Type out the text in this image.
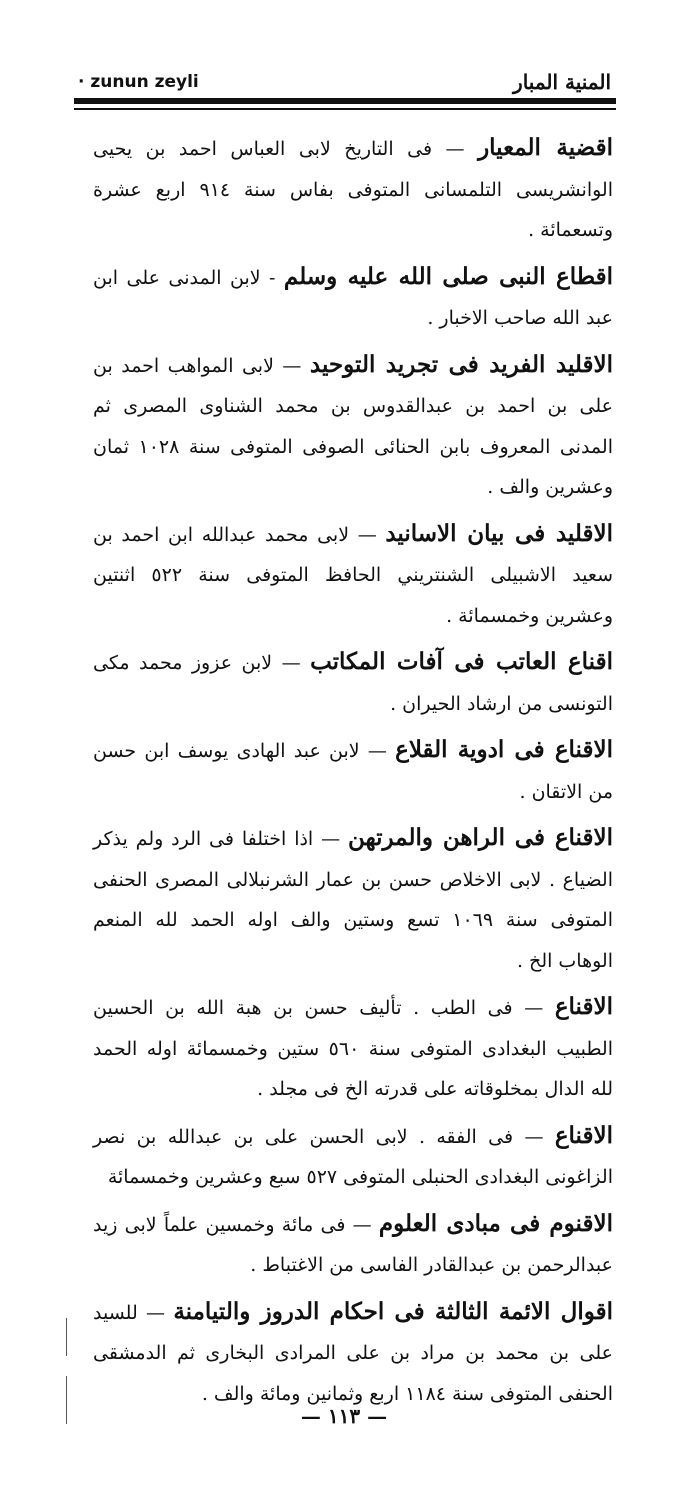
· zunun zeyli	المنية المبار

اقضية المعيار — فى التاريخ لابى العباس احمد بن يحيى الوانشريسى التلمسانى المتوفى بفاس سنة ٩١٤ اربع عشرة وتسعمائة .

اقطاع النبى صلى الله عليه وسلم - لابن المدنى على ابن عبد الله صاحب الاخبار .

الاقليد الفريد فى تجريد التوحيد — لابى المواهب احمد بن على بن احمد بن عبدالقدوس بن محمد الشناوى المصرى ثم المدنى المعروف بابن الحنائى الصوفى المتوفى سنة ١٠٢٨ ثمان وعشرين والف .

الاقليد فى بيان الاسانيد — لابى محمد عبدالله ابن احمد بن سعيد الاشبيلى الشنتريني الحافظ المتوفى سنة ٥٢٢ اثنتين وعشرين وخمسمائة .

اقناع العاتب فى آفات المكاتب — لابن عزوز محمد مكى التونسى من ارشاد الحيران .

الاقناع فى ادوية القلاع — لابن عبد الهادى يوسف ابن حسن من الاتقان .

الاقناع فى الراهن والمرتهن — اذا اختلفا فى الرد ولم يذكر الضياع . لابى الاخلاص حسن بن عمار الشرنبلالى المصرى الحنفى المتوفى سنة ١٠٦٩ تسع وستين والف اوله الحمد لله المنعم الوهاب الخ .

الاقناع — فى الطب . تأليف حسن بن هبة الله بن الحسين الطبيب البغدادى المتوفى سنة ٥٦٠ ستين وخمسمائة اوله الحمد لله الدال بمخلوقاته على قدرته الخ فى مجلد .

الاقناع — فى الفقه . لابى الحسن على بن عبدالله بن نصر الزاغونى البغدادى الحنبلى المتوفى ٥٢٧ سبع وعشرين وخمسمائة

الاقنوم فى مبادى العلوم — فى مائة وخمسين علماً لابى زيد عبدالرحمن بن عبدالقادر الفاسى من الاغتباط .

اقوال الائمة الثالثة فى احكام الدروز والتيامنة — للسيد على بن محمد بن مراد بن على المرادى البخارى ثم الدمشقى الحنفى المتوفى سنة ١١٨٤ اربع وثمانين ومائة والف .

— ١١٣ —
